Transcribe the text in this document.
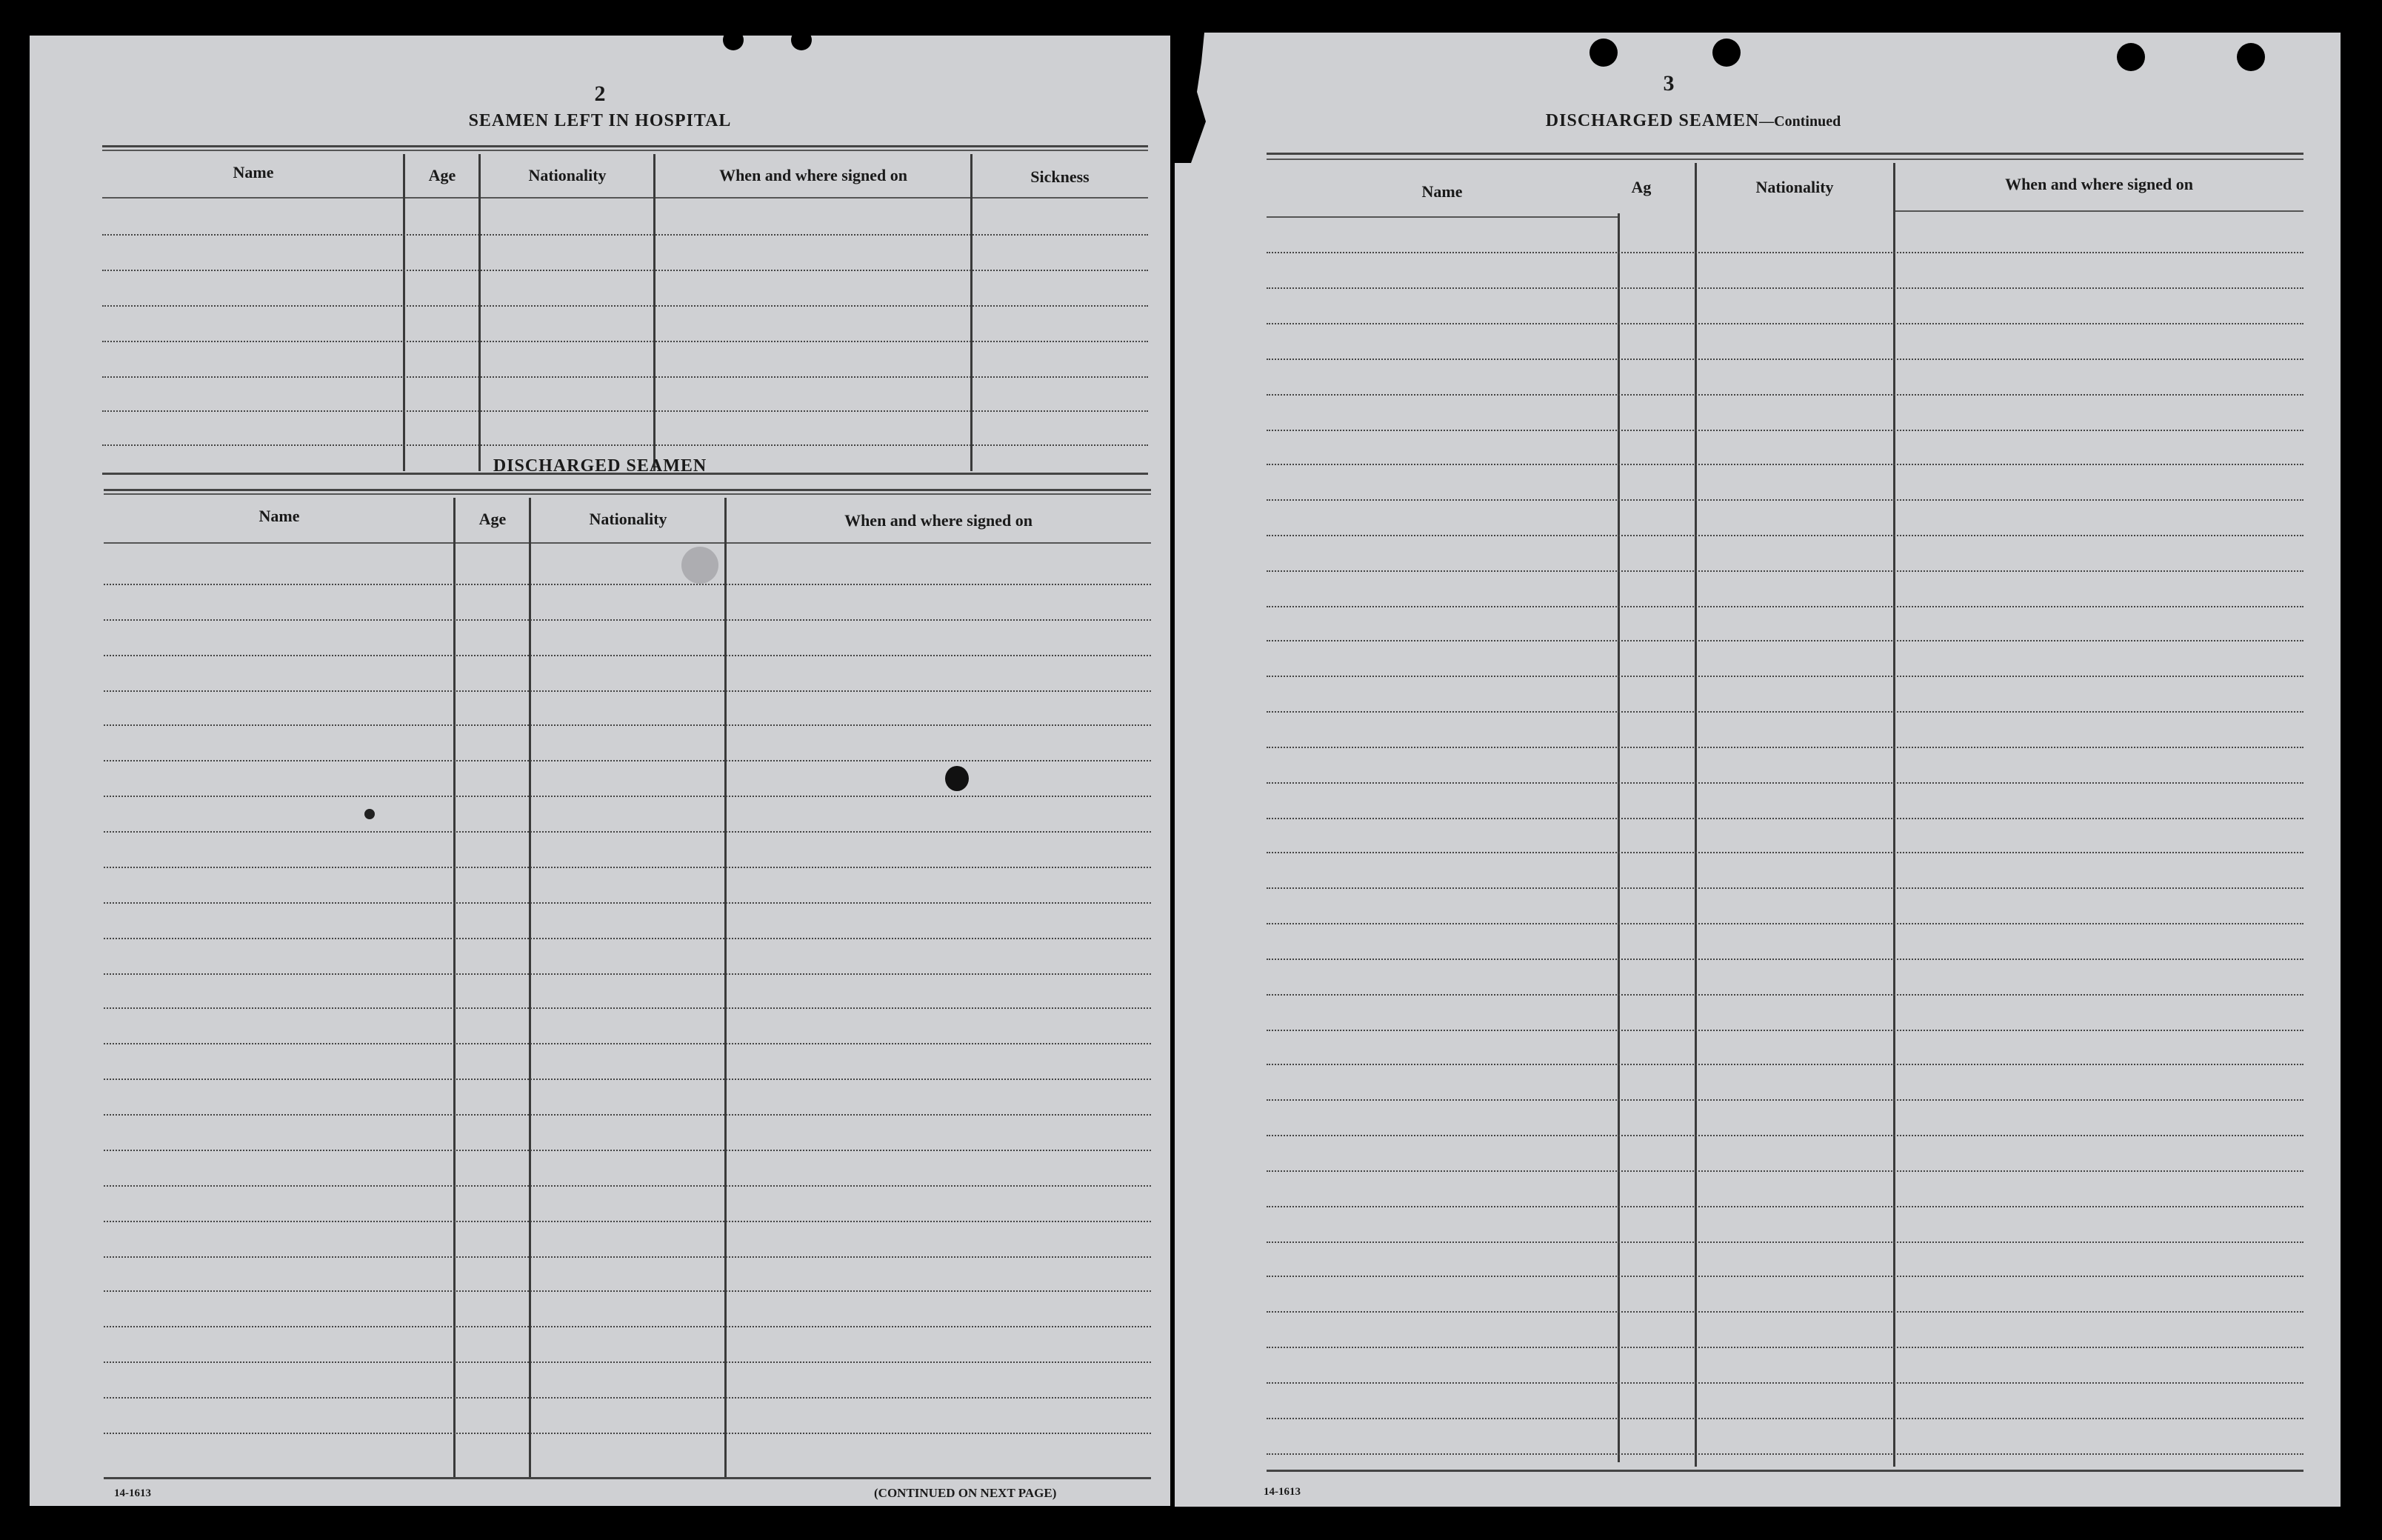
2
SEAMEN LEFT IN HOSPITAL
Name	Age	Nationality	When and where signed on	Sickness
DISCHARGED SEAMEN
Name	Age	Nationality	When and where signed on
14-1613	(CONTINUED ON NEXT PAGE)
3
DISCHARGED SEAMEN—Continued
Name	Ag	Nationality	When and where signed on
14-1613
